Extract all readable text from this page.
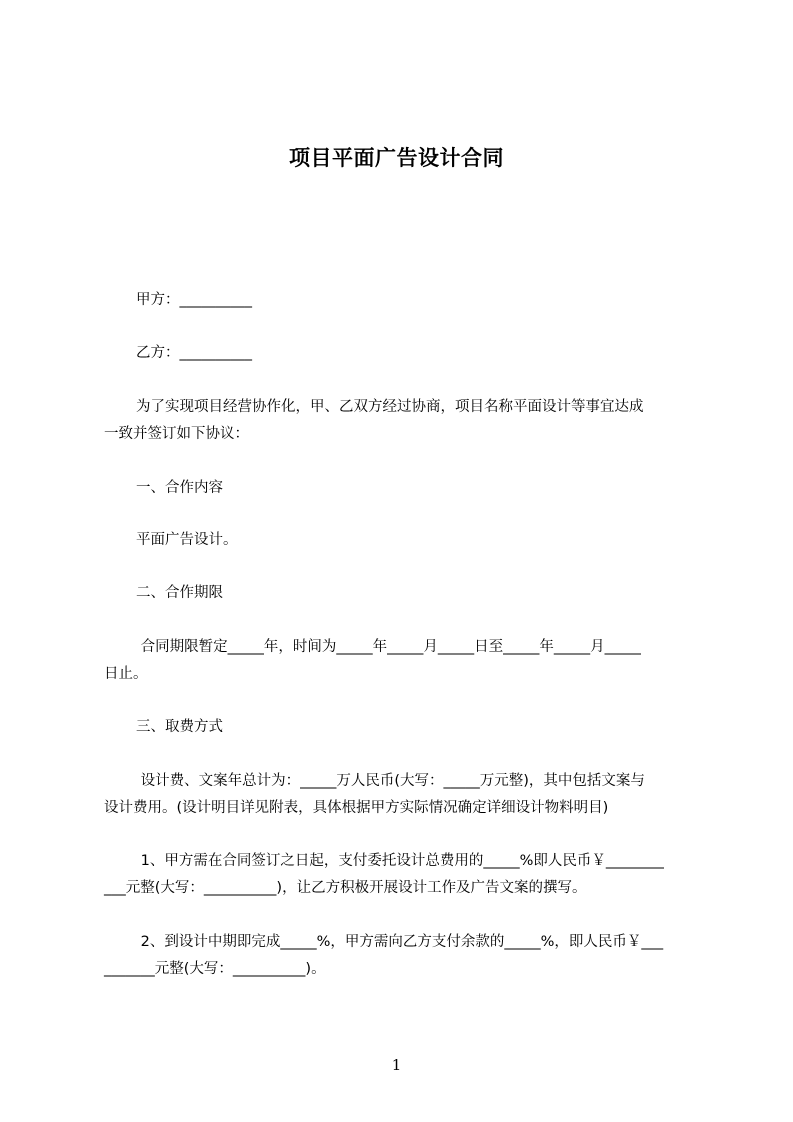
项目平面广告设计合同
甲方：__________
乙方：__________
为了实现项目经营协作化，甲、乙双方经过协商，项目名称平面设计等事宜达成
一致并签订如下协议：
一、合作内容
平面广告设计。
二、合作期限
合同期限暂定_____年，时间为_____年_____月_____日至_____年_____月_____
日止。
三、取费方式
设计费、文案年总计为：_____万人民币(大写：_____万元整)，其中包括文案与
设计费用。(设计明目详见附表，具体根据甲方实际情况确定详细设计物料明目)
1、甲方需在合同签订之日起，支付委托设计总费用的_____%即人民币￥________
___元整(大写：__________)，让乙方积极开展设计工作及广告文案的撰写。
2、到设计中期即完成_____%，甲方需向乙方支付余款的_____%，即人民币￥___
_______元整(大写：__________)。
1
